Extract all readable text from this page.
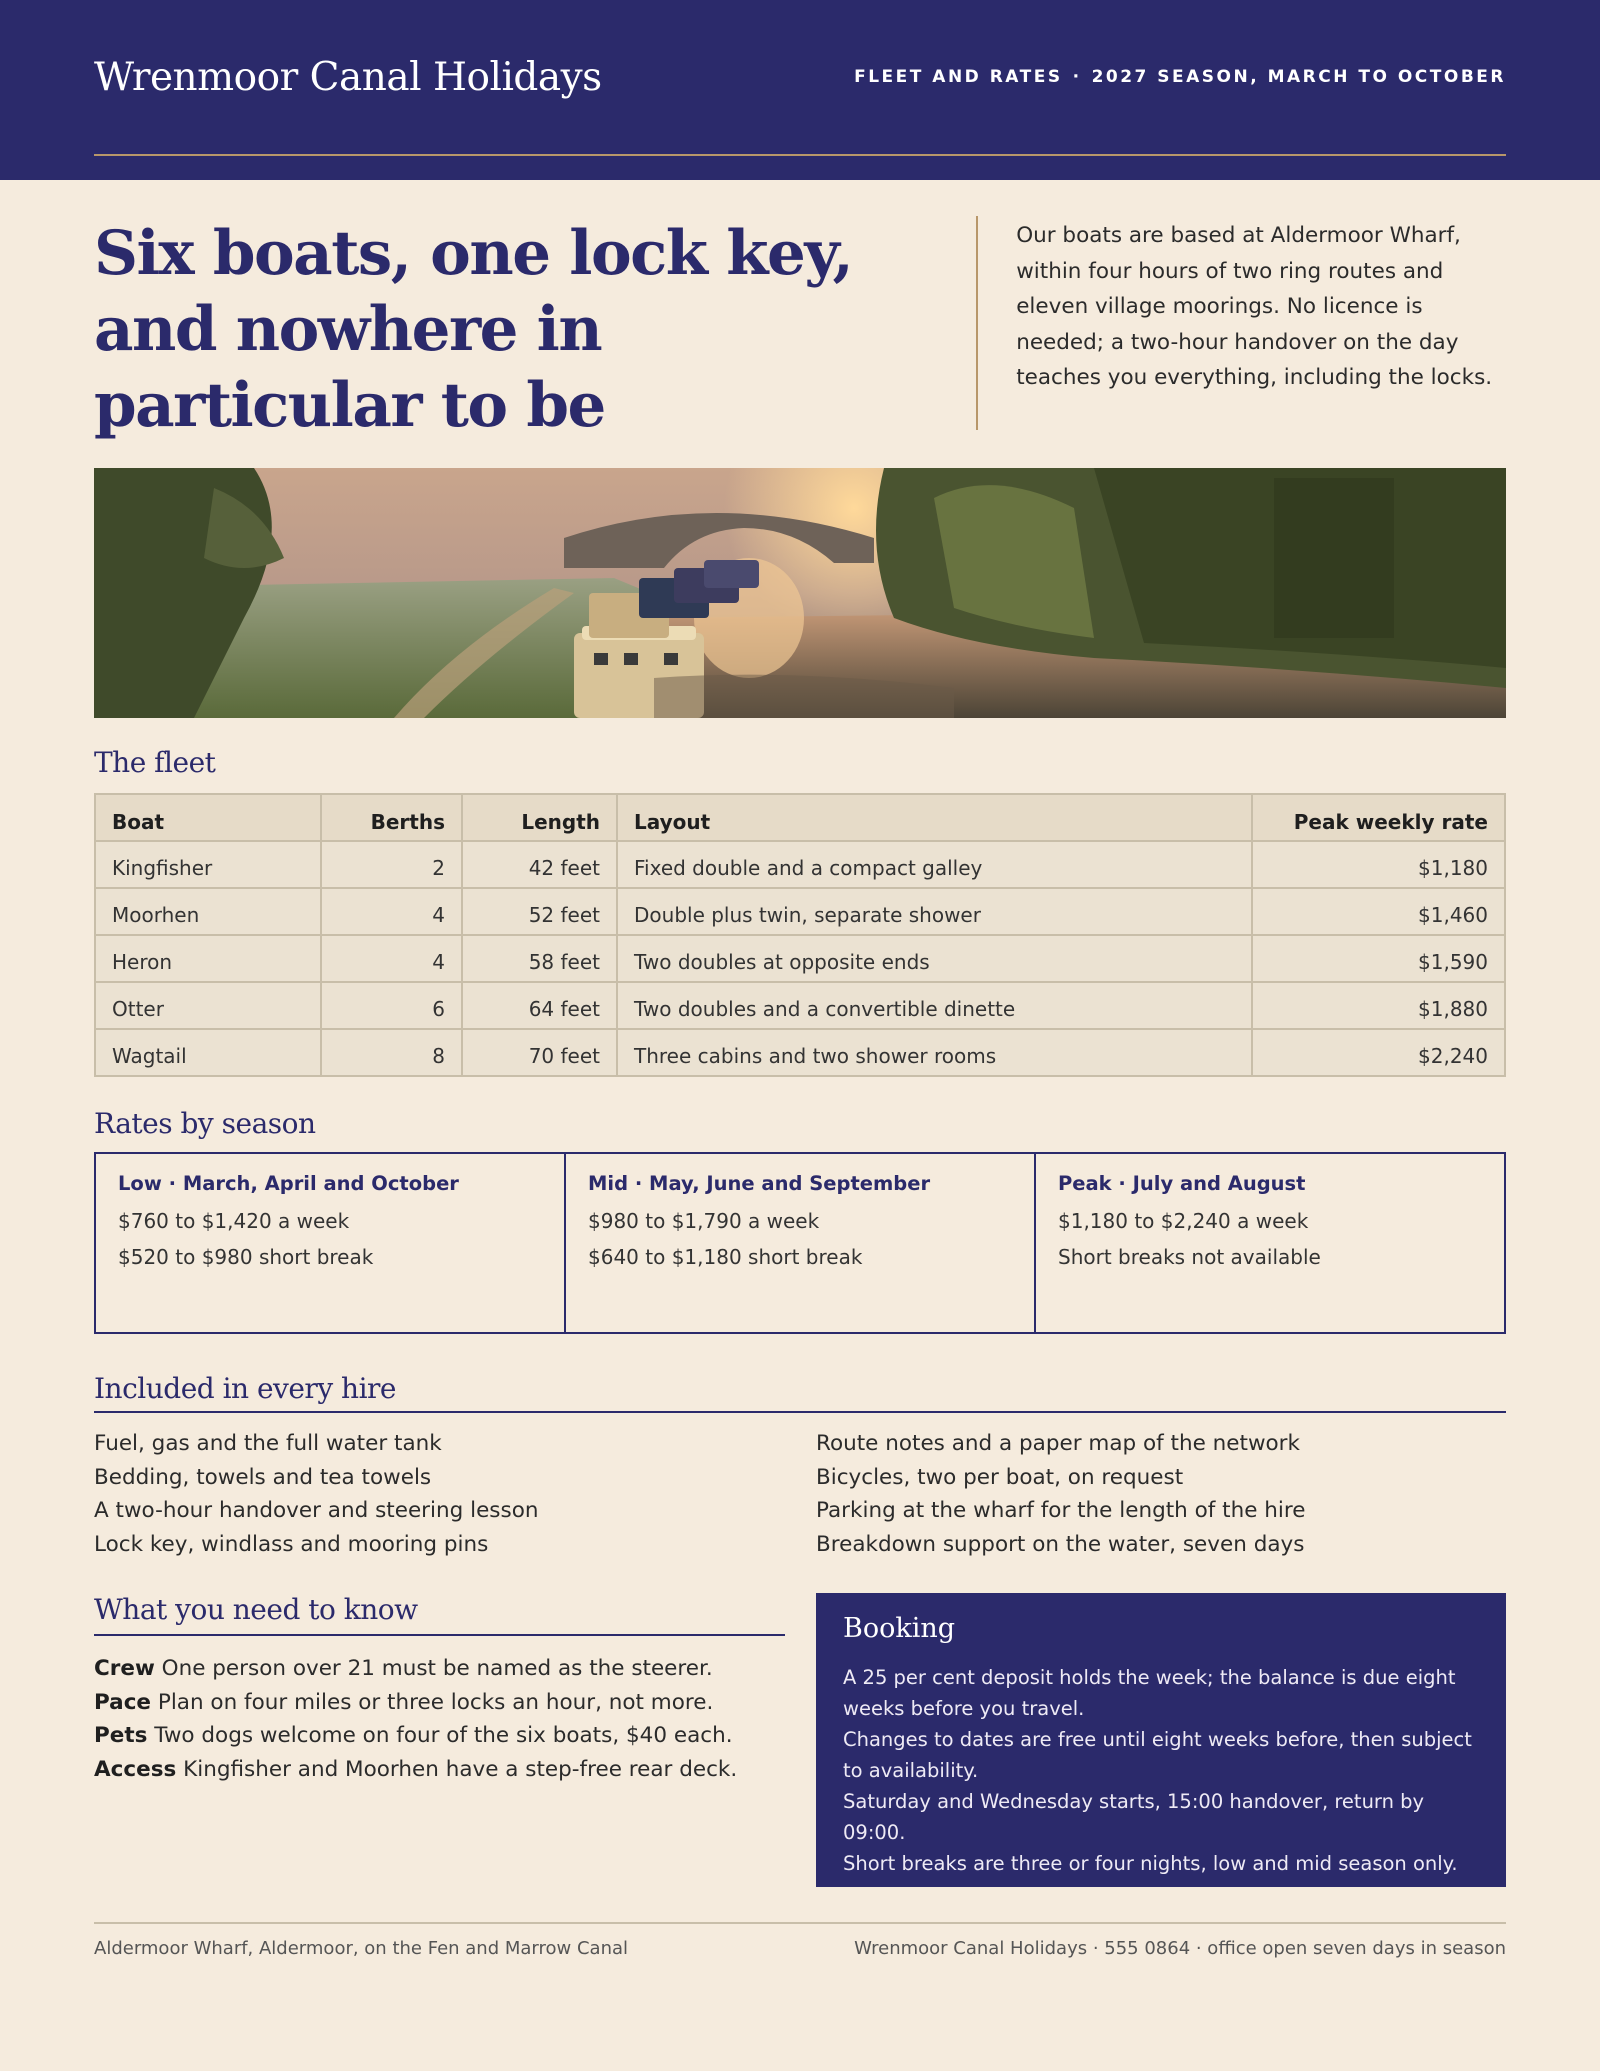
Wrenmoor Canal Holidays	FLEET AND RATES · 2027 SEASON, MARCH TO OCTOBER
Six boats, one lock key, and nowhere in particular to be

Our boats are based at Aldermoor Wharf, within four hours of two ring routes and eleven village moorings. No licence is needed; a two-hour handover on the day teaches you everything, including the locks.

The fleet
Boat	Berths	Length	Layout	Peak weekly rate
Kingfisher	2	42 feet	Fixed double and a compact galley	$1,180
Moorhen	4	52 feet	Double plus twin, separate shower	$1,460
Heron	4	58 feet	Two doubles at opposite ends	$1,590
Otter	6	64 feet	Two doubles and a convertible dinette	$1,880
Wagtail	8	70 feet	Three cabins and two shower rooms	$2,240
Rates by season
Low · March, April and October
$760 to $1,420 a week
$520 to $980 short break
Mid · May, June and September
$980 to $1,790 a week
$640 to $1,180 short break
Peak · July and August
$1,180 to $2,240 a week
Short breaks not available
Included in every hire
Fuel, gas and the full water tank
Bedding, towels and tea towels
A two-hour handover and steering lesson
Lock key, windlass and mooring pins
Route notes and a paper map of the network
Bicycles, two per boat, on request
Parking at the wharf for the length of the hire
Breakdown support on the water, seven days
What you need to know

Crew One person over 21 must be named as the steerer.

Pace Plan on four miles or three locks an hour, not more.

Pets Two dogs welcome on four of the six boats, $40 each.

Access Kingfisher and Moorhen have a step-free rear deck.

Booking

A 25 per cent deposit holds the week; the balance is due eight weeks before you travel.

Changes to dates are free until eight weeks before, then subject to availability.

Saturday and Wednesday starts, 15:00 handover, return by 09:00.

Short breaks are three or four nights, low and mid season only.

Aldermoor Wharf, Aldermoor, on the Fen and Marrow Canal	Wrenmoor Canal Holidays · 555 0864 · office open seven days in season
